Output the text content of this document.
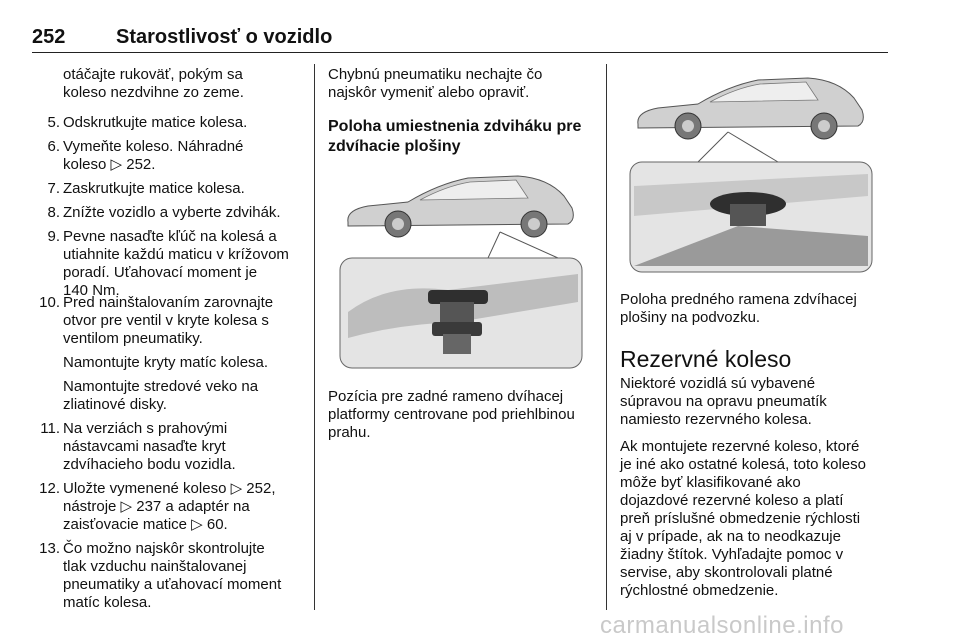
252	Starostlivosť o vozidlo
otáčajte rukoväť, pokým sa
koleso nezdvihne zo zeme.
5. Odskrutkujte matice kolesa.
6. Vymeňte koleso. Náhradné
koleso ▷ 252.
7. Zaskrutkujte matice kolesa.
8. Znížte vozidlo a vyberte zdvihák.
9. Pevne nasaďte kľúč na kolesá a
utiahnite každú maticu v krížovom
poradí. Uťahovací moment je
140 Nm.
10. Pred nainštalovaním zarovnajte
otvor pre ventil v kryte kolesa s
ventilom pneumatiky.
Namontujte kryty matíc kolesa.
Namontujte stredové veko na
zliatinové disky.
11. Na verziách s prahovými
nástavcami nasaďte kryt
zdvíhacieho bodu vozidla.
12. Uložte vymenené koleso ▷ 252,
nástroje ▷ 237 a adaptér na
zaisťovacie matice ▷ 60.
13. Čo možno najskôr skontrolujte
tlak vzduchu nainštalovanej
pneumatiky a uťahovací moment
matíc kolesa.
Chybnú pneumatiku nechajte čo
najskôr vymeniť alebo opraviť.
Poloha umiestnenia zdviháku pre
zdvíhacie plošiny
Pozícia pre zadné rameno dvíhacej
platformy centrovane pod priehlbinou
prahu.
Poloha predného ramena zdvíhacej
plošiny na podvozku.
Rezervné koleso
Niektoré vozidlá sú vybavené
súpravou na opravu pneumatík
namiesto rezervného kolesa.
Ak montujete rezervné koleso, ktoré
je iné ako ostatné kolesá, toto koleso
môže byť klasifikované ako
dojazdové rezervné koleso a platí
preň príslušné obmedzenie rýchlosti
aj v prípade, ak na to neodkazuje
žiadny štítok. Vyhľadajte pomoc v
servise, aby skontrolovali platné
rýchlostné obmedzenie.
carmanualsonline.info
